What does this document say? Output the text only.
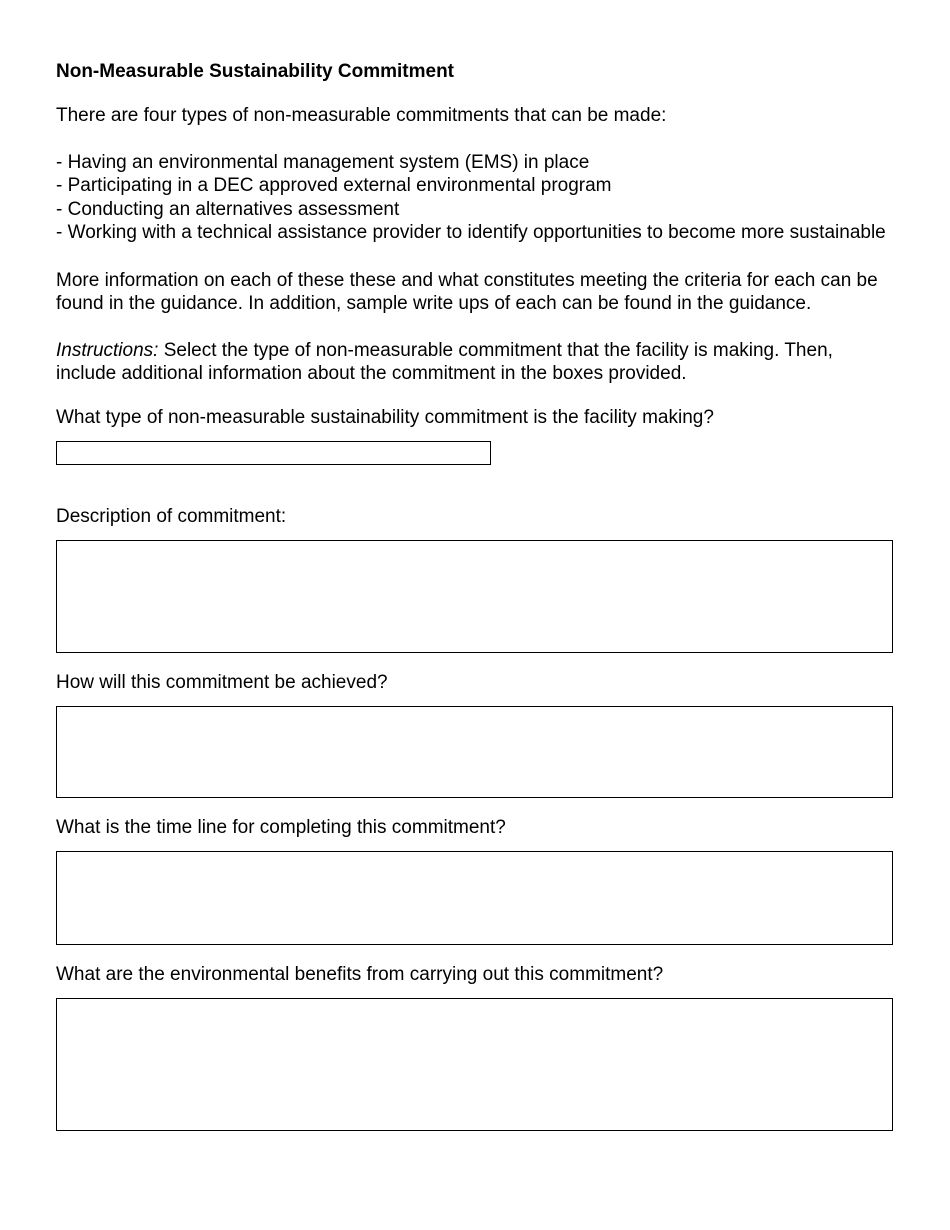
Non-Measurable Sustainability Commitment

There are four types of non-measurable commitments that can be made:

- Having an environmental management system (EMS) in place

- Participating in a DEC approved external environmental program

- Conducting an alternatives assessment

- Working with a technical assistance provider to identify opportunities to become more sustainable

More information on each of these these and what constitutes meeting the criteria for each can be found in the guidance. In addition, sample write ups of each can be found in the guidance.

Instructions: Select the type of non-measurable commitment that the facility is making. Then, include additional information about the commitment in the boxes provided.

What type of non-measurable sustainability commitment is the facility making?

Description of commitment:

How will this commitment be achieved?

What is the time line for completing this commitment?

What are the environmental benefits from carrying out this commitment?
